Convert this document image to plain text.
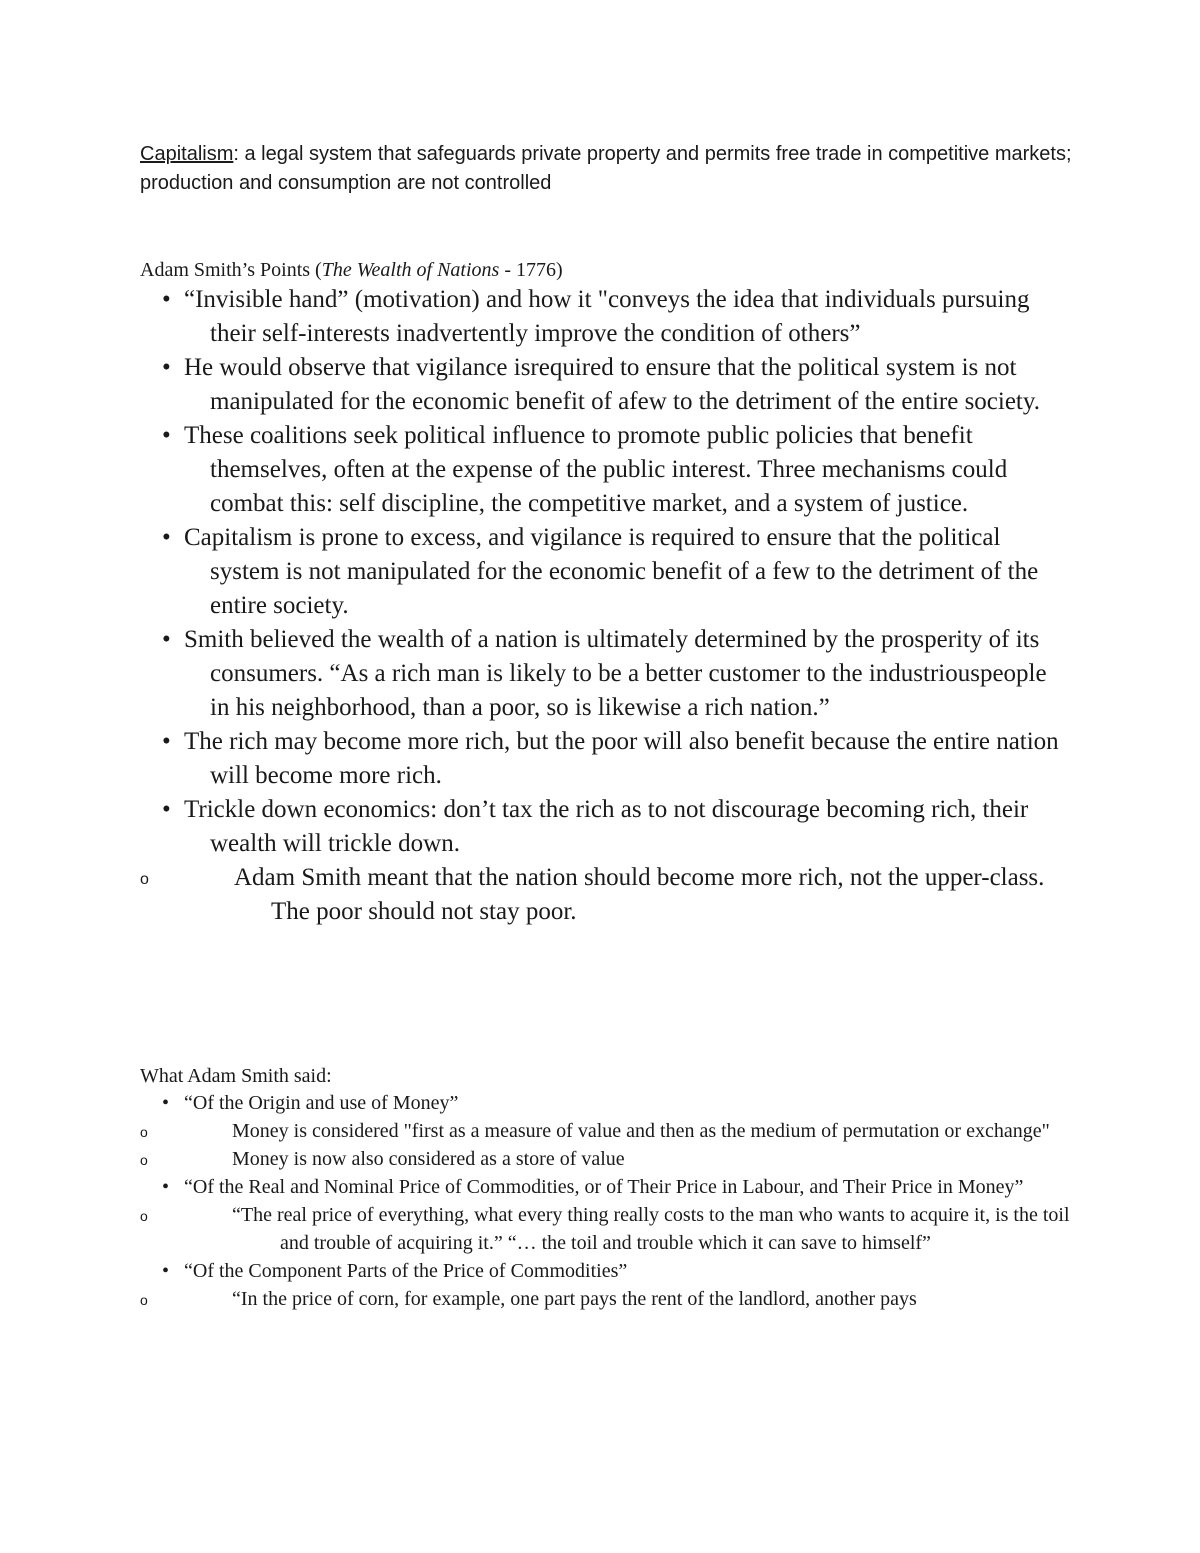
Capitalism: a legal system that safeguards private property and permits free trade in competitive markets; production and consumption are not controlled

Adam Smith’s Points (The Wealth of Nations - 1776)
• “Invisible hand” (motivation) and how it "conveys the idea that individuals pursuing their self-interests inadvertently improve the condition of others”
• He would observe that vigilance isrequired to ensure that the political system is not manipulated for the economic benefit of afew to the detriment of the entire society.
• These coalitions seek political influence to promote public policies that benefit themselves, often at the expense of the public interest. Three mechanisms could combat this: self discipline, the competitive market, and a system of justice.
• Capitalism is prone to excess, and vigilance is required to ensure that the political system is not manipulated for the economic benefit of a few to the detriment of the entire society.
• Smith believed the wealth of a nation is ultimately determined by the prosperity of its consumers. “As a rich man is likely to be a better customer to the industriouspeople in his neighborhood, than a poor, so is likewise a rich nation.”
• The rich may become more rich, but the poor will also benefit because the entire nation will become more rich.
• Trickle down economics: don’t tax the rich as to not discourage becoming rich, their wealth will trickle down.
o	Adam Smith meant that the nation should become more rich, not the upper-class. The poor should not stay poor.
What Adam Smith said:
• “Of the Origin and use of Money”
o	Money is considered "first as a measure of value and then as the medium of permutation or exchange"
o	Money is now also considered as a store of value
• “Of the Real and Nominal Price of Commodities, or of Their Price in Labour, and Their Price in Money”
o	“The real price of everything, what every thing really costs to the man who wants to acquire it, is the toil and trouble of acquiring it.” “… the toil and trouble which it can save to himself”
• “Of the Component Parts of the Price of Commodities”
o	“In the price of corn, for example, one part pays the rent of the landlord, another pays
